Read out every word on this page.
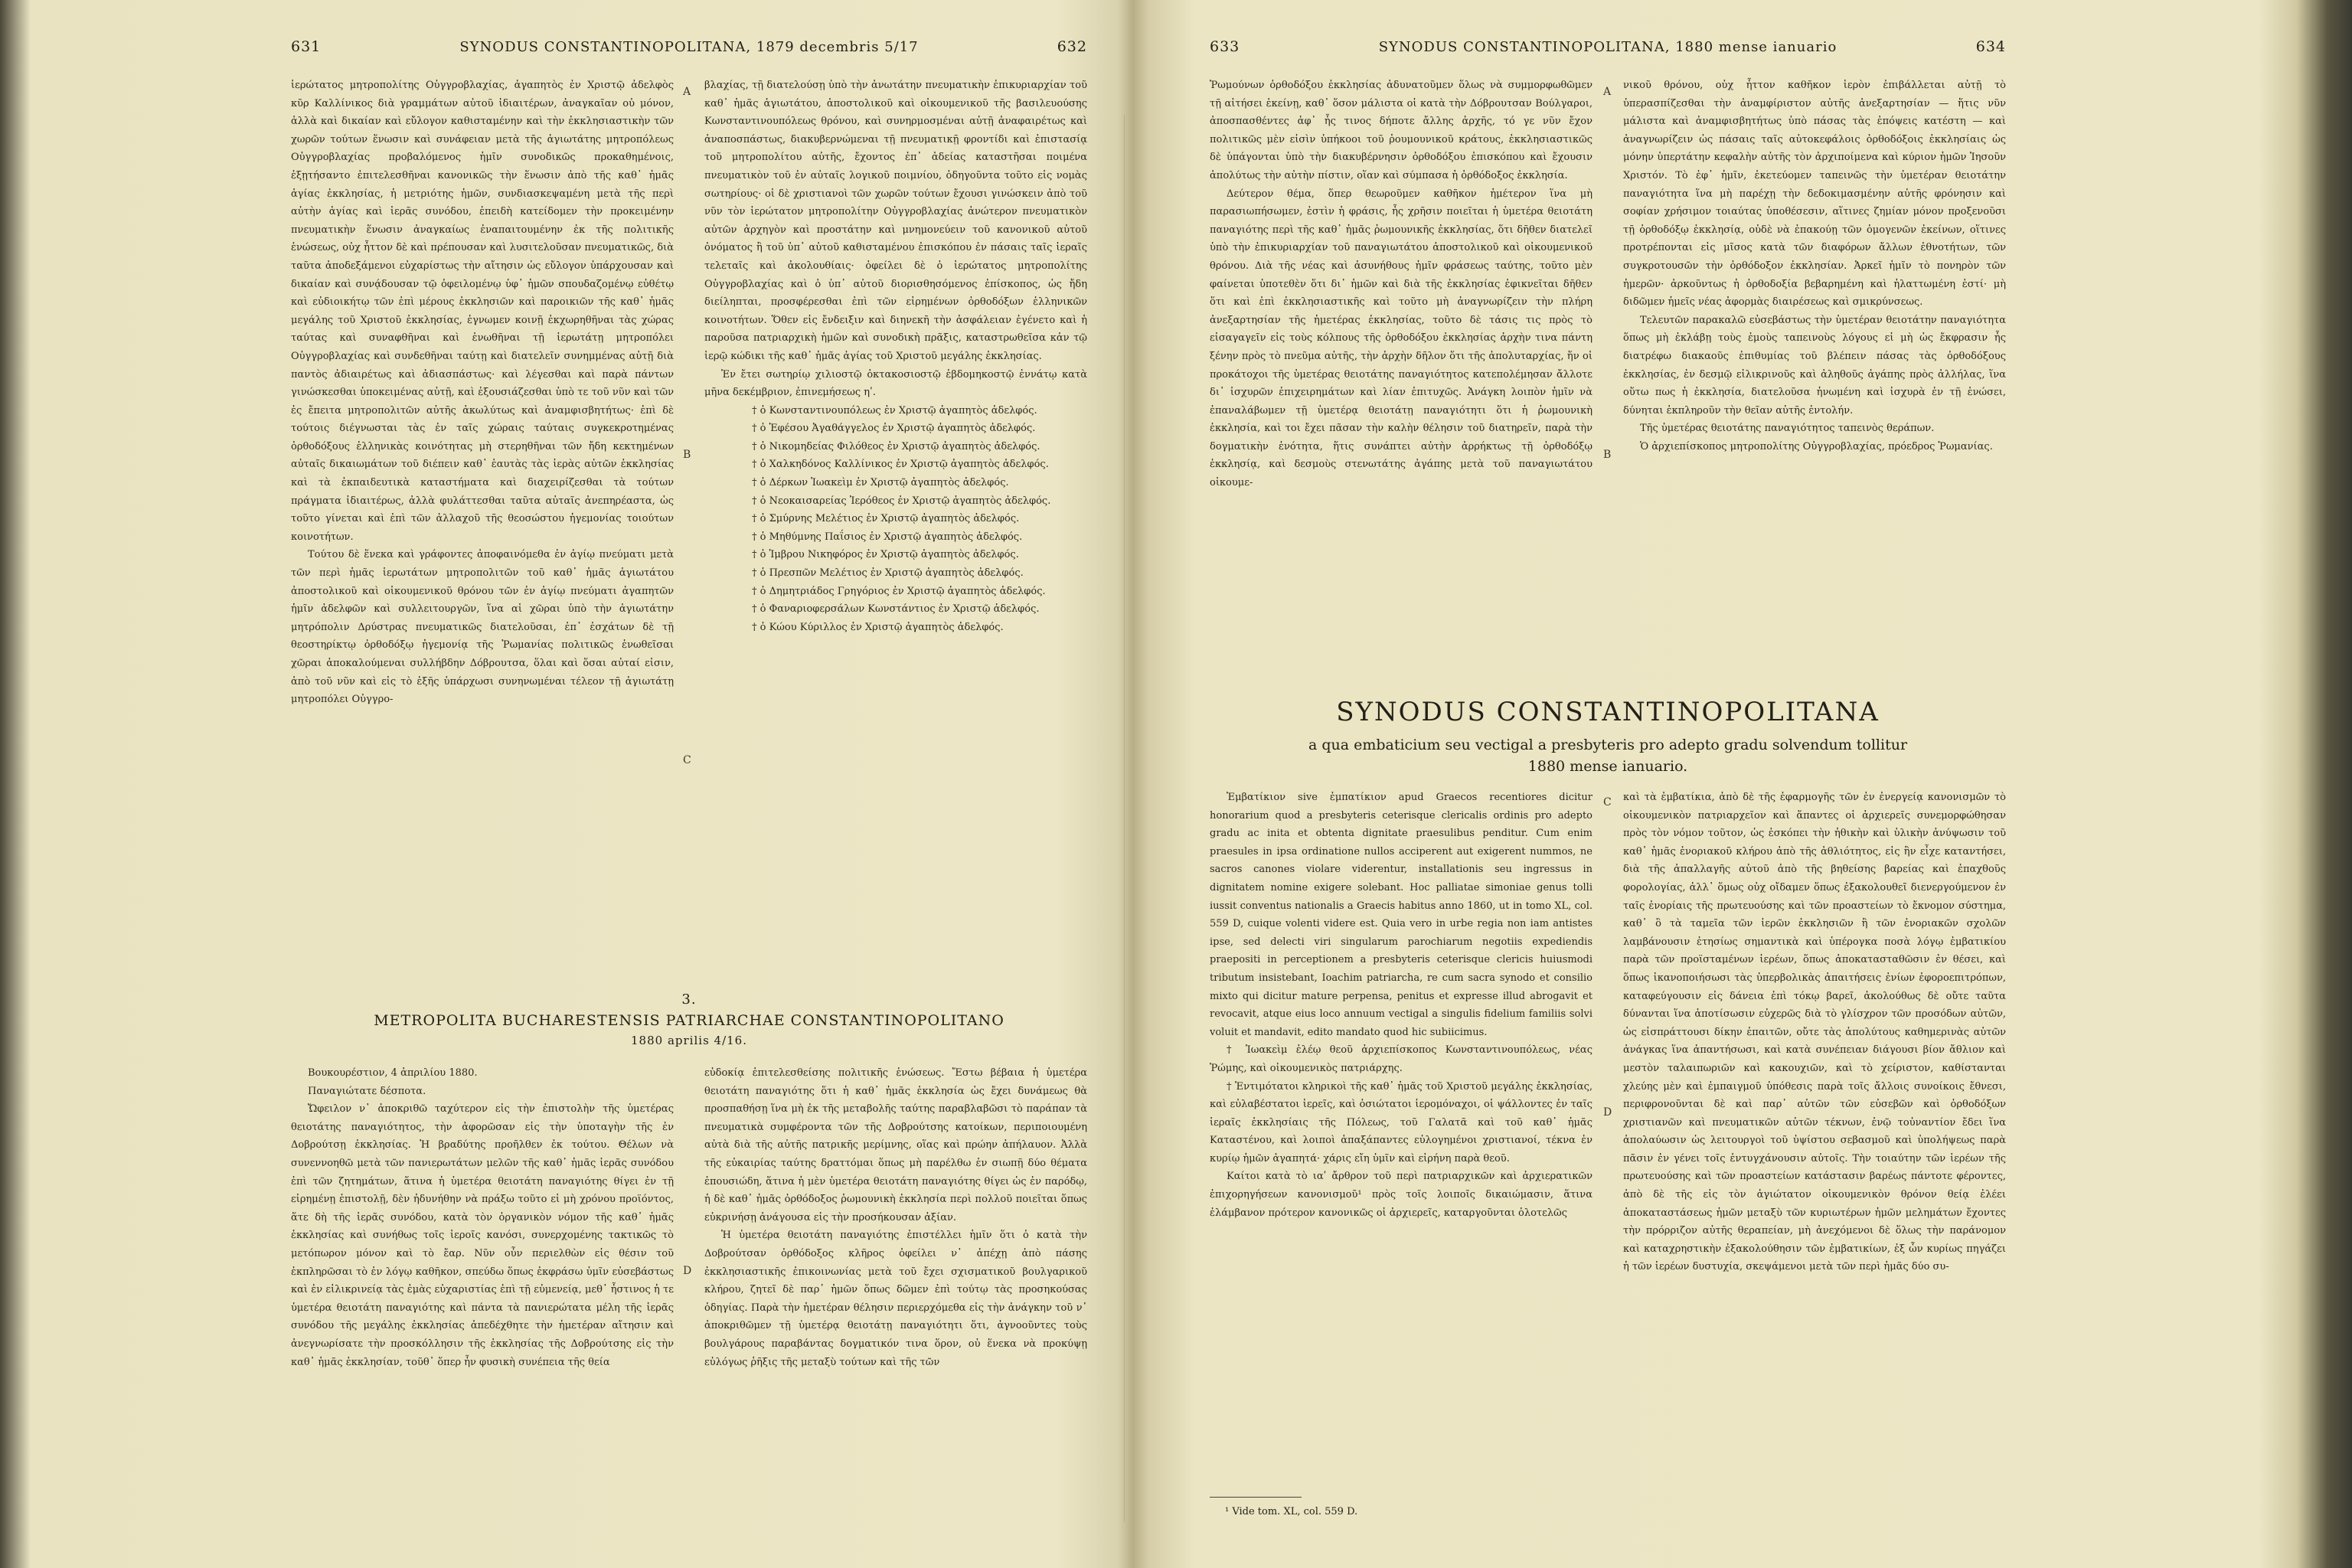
631	SYNODUS CONSTANTINOPOLITANA, 1879 decembris 5/17	632

ἱερώτατος μητροπολίτης Οὐγγροβλαχίας, ἀγαπητὸς ἐν Χριστῷ ἀδελφὸς κῦρ Καλλίνικος διὰ γραμμάτων αὐτοῦ ἰδιαιτέρων, ἀναγκαῖαν οὐ μόνον, ἀλλὰ καὶ δικαίαν καὶ εὔλογον καθισταμένην καὶ τὴν ἐκκλησιαστικὴν τῶν χωρῶν τούτων ἕνωσιν καὶ συνάφειαν μετὰ τῆς ἁγιωτάτης μητροπόλεως Οὐγγροβλαχίας προβαλόμενος ἡμῖν συνοδικῶς προκαθημένοις, ἐξῃτήσαντο ἐπιτελεσθῆναι κανονικῶς τὴν ἕνωσιν ἀπὸ τῆς καθ᾽ ἡμᾶς ἁγίας ἐκκλησίας, ἡ μετριότης ἡμῶν, συνδιασκεψαμένη μετὰ τῆς περὶ αὐτὴν ἁγίας καὶ ἱερᾶς συνόδου, ἐπειδὴ κατείδομεν τὴν προκειμένην πνευματικὴν ἕνωσιν ἀναγκαίως ἐναπαιτουμένην ἐκ τῆς πολιτικῆς ἑνώσεως, οὐχ ἧττον δὲ καὶ πρέπουσαν καὶ λυσιτελοῦσαν πνευματικῶς, διὰ ταῦτα ἀποδεξάμενοι εὐχαρίστως τὴν αἴτησιν ὡς εὔλογον ὑπάρχουσαν καὶ δικαίαν καὶ συνᾴδουσαν τῷ ὀφειλομένῳ ὑφ᾽ ἡμῶν σπουδαζομένῳ εὐθέτῳ καὶ εὐδιοικήτῳ τῶν ἐπὶ μέρους ἐκκλησιῶν καὶ παροικιῶν τῆς καθ᾽ ἡμᾶς μεγάλης τοῦ Χριστοῦ ἐκκλησίας, ἐγνωμεν κοινῇ ἐκχωρηθῆναι τὰς χώρας ταύτας καὶ συναφθῆναι καὶ ἑνωθῆναι τῇ ἱερωτάτῃ μητροπόλει Οὐγγροβλαχίας καὶ συνδεθῆναι ταύτῃ καὶ διατελεῖν συνημμένας αὐτῇ διὰ παντὸς ἀδιαιρέτως καὶ ἀδιασπάστως· καὶ λέγεσθαι καὶ παρὰ πάντων γινώσκεσθαι ὑποκειμένας αὐτῇ, καὶ ἐξουσιάζεσθαι ὑπὸ τε τοῦ νῦν καὶ τῶν ἐς ἔπειτα μητροπολιτῶν αὐτῆς ἀκωλύτως καὶ ἀναμφισβητήτως· ἐπὶ δὲ τούτοις διέγνωσται τὰς ἐν ταῖς χώραις ταύταις συγκεκροτημένας ὀρθοδόξους ἑλληνικὰς κοινότητας μὴ στερηθῆναι τῶν ἤδη κεκτημένων αὐταῖς δικαιωμάτων τοῦ διέπειν καθ᾽ ἑαυτὰς τὰς ἱερὰς αὐτῶν ἐκκλησίας καὶ τὰ ἐκπαιδευτικὰ καταστήματα καὶ διαχειρίζεσθαι τὰ τούτων πράγματα ἰδιαιτέρως, ἀλλὰ φυλάττεσθαι ταῦτα αὐταῖς ἀνεπηρέαστα, ὡς τοῦτο γίνεται καὶ ἐπὶ τῶν ἀλλαχοῦ τῆς θεοσώστου ἡγεμονίας τοιούτων κοινοτήτων.

Τούτου δὲ ἕνεκα καὶ γράφοντες ἀποφαινόμεθα ἐν ἁγίῳ πνεύματι μετὰ τῶν περὶ ἡμᾶς ἱερωτάτων μητροπολιτῶν τοῦ καθ᾽ ἡμᾶς ἁγιωτάτου ἀποστολικοῦ καὶ οἰκουμενικοῦ θρόνου τῶν ἐν ἁγίῳ πνεύματι ἀγαπητῶν ἡμῖν ἀδελφῶν καὶ συλλειτουργῶν, ἵνα αἱ χῶραι ὑπὸ τὴν ἁγιωτάτην μητρόπολιν Δρύστρας πνευματικῶς διατελοῦσαι, ἐπ᾽ ἐσχάτων δὲ τῇ θεοστηρίκτῳ ὀρθοδόξῳ ἡγεμονίᾳ τῆς Ῥωμανίας πολιτικῶς ἑνωθεῖσαι χῶραι ἀποκαλούμεναι συλλήβδην Δόβρουτσα, ὅλαι καὶ ὅσαι αὐταί εἰσιν, ἀπὸ τοῦ νῦν καὶ εἰς τὸ ἑξῆς ὑπάρχωσι συνηνωμέναι τέλεον τῇ ἁγιωτάτῃ μητροπόλει Οὐγγρο-

βλαχίας, τῇ διατελούσῃ ὑπὸ τὴν ἀνωτάτην πνευματικὴν ἐπικυριαρχίαν τοῦ καθ᾽ ἡμᾶς ἁγιωτάτου, ἀποστολικοῦ καὶ οἰκουμενικοῦ τῆς βασιλευούσης Κωνσταντινουπόλεως θρόνου, καὶ συνηρμοσμέναι αὐτῇ ἀναφαιρέτως καὶ ἀναποσπάστως, διακυβερνώμεναι τῇ πνευματικῇ φροντίδι καὶ ἐπιστασίᾳ τοῦ μητροπολίτου αὐτῆς, ἔχοντος ἐπ᾽ ἀδείας καταστῆσαι ποιμένα πνευματικὸν τοῦ ἐν αὐταῖς λογικοῦ ποιμνίου, ὁδηγοῦντα τοῦτο εἰς νομὰς σωτηρίους· οἱ δὲ χριστιανοὶ τῶν χωρῶν τούτων ἔχουσι γινώσκειν ἀπὸ τοῦ νῦν τὸν ἱερώτατον μητροπολίτην Οὐγγροβλαχίας ἀνώτερον πνευματικὸν αὐτῶν ἀρχηγὸν καὶ προστάτην καὶ μνημονεύειν τοῦ κανονικοῦ αὐτοῦ ὀνόματος ἢ τοῦ ὑπ᾽ αὐτοῦ καθισταμένου ἐπισκόπου ἐν πάσαις ταῖς ἱεραῖς τελεταῖς καὶ ἀκολουθίαις· ὀφείλει δὲ ὁ ἱερώτατος μητροπολίτης Οὐγγροβλαχίας καὶ ὁ ὑπ᾽ αὐτοῦ διορισθησόμενος ἐπίσκοπος, ὡς ἤδη διείληπται, προσφέρεσθαι ἐπὶ τῶν εἰρημένων ὀρθοδόξων ἑλληνικῶν κοινοτήτων. Ὅθεν εἰς ἔνδειξιν καὶ διηνεκῆ τὴν ἀσφάλειαν ἐγένετο καὶ ἡ παροῦσα πατριαρχικὴ ἡμῶν καὶ συνοδικὴ πρᾶξις, καταστρωθεῖσα κἀν τῷ ἱερῷ κώδικι τῆς καθ᾽ ἡμᾶς ἁγίας τοῦ Χριστοῦ μεγάλης ἐκκλησίας.

Ἐν ἔτει σωτηρίῳ χιλιοστῷ ὀκτακοσιοστῷ ἑβδομηκοστῷ ἐννάτῳ κατὰ μῆνα δεκέμβριον, ἐπινεμήσεως ηʹ.

† ὁ Κωνσταντινουπόλεως ἐν Χριστῷ ἀγαπητὸς ἀδελφός.

† ὁ Ἐφέσου Ἀγαθάγγελος ἐν Χριστῷ ἀγαπητὸς ἀδελφός.

† ὁ Νικομηδείας Φιλόθεος ἐν Χριστῷ ἀγαπητὸς ἀδελφός.

† ὁ Χαλκηδόνος Καλλίνικος ἐν Χριστῷ ἀγαπητὸς ἀδελφός.

† ὁ Δέρκων Ἰωακεὶμ ἐν Χριστῷ ἀγαπητὸς ἀδελφός.

† ὁ Νεοκαισαρείας Ἱερόθεος ἐν Χριστῷ ἀγαπητὸς ἀδελφός.

† ὁ Σμύρνης Μελέτιος ἐν Χριστῷ ἀγαπητὸς ἀδελφός.

† ὁ Μηθύμνης Παΐσιος ἐν Χριστῷ ἀγαπητὸς ἀδελφός.

† ὁ Ἰμβρου Νικηφόρος ἐν Χριστῷ ἀγαπητὸς ἀδελφός.

† ὁ Πρεσπῶν Μελέτιος ἐν Χριστῷ ἀγαπητὸς ἀδελφός.

† ὁ Δημητριάδος Γρηγόριος ἐν Χριστῷ ἀγαπητὸς ἀδελφός.

† ὁ Φαναριοφερσάλων Κωνστάντιος ἐν Χριστῷ ἀδελφός.

† ὁ Κώου Κύριλλος ἐν Χριστῷ ἀγαπητὸς ἀδελφός.

3.
METROPOLITA BUCHARESTENSIS PATRIARCHAE CONSTANTINOPOLITANO
1880 aprilis 4/16.

Βουκουρέστιον, 4 ἀπριλίου 1880.

Παναγιώτατε δέσποτα.

Ὤφειλον ν᾽ ἀποκριθῶ ταχύτερον εἰς τὴν ἐπιστολὴν τῆς ὑμετέρας θειοτάτης παναγιότητος, τὴν ἀφορῶσαν εἰς τὴν ὑποταγὴν τῆς ἐν Δοβρούτσῃ ἐκκλησίας. Ἡ βραδύτης προῆλθεν ἐκ τούτου. Θέλων νὰ συνεννοηθῶ μετὰ τῶν πανιερωτάτων μελῶν τῆς καθ᾽ ἡμᾶς ἱερᾶς συνόδου ἐπὶ τῶν ζητημάτων, ἅτινα ἡ ὑμετέρα θειοτάτη παναγιότης θίγει ἐν τῇ εἰρημένῃ ἐπιστολῇ, δὲν ἠδυνήθην νὰ πράξω τοῦτο εἰ μὴ χρόνου προϊόντος, ἅτε δὴ τῆς ἱερᾶς συνόδου, κατὰ τὸν ὀργανικὸν νόμον τῆς καθ᾽ ἡμᾶς ἐκκλησίας καὶ συνήθως τοῖς ἱεροῖς κανόσι, συνερχομένης τακτικῶς τὸ μετόπωρον μόνον καὶ τὸ ἔαρ. Νῦν οὖν περιελθὼν εἰς θέσιν τοῦ ἐκπληρῶσαι τὸ ἐν λόγῳ καθῆκον, σπεύδω ὅπως ἐκφράσω ὑμῖν εὐσεβάστως καὶ ἐν εἰλικρινείᾳ τὰς ἐμὰς εὐχαριστίας ἐπὶ τῇ εὐμενείᾳ, μεθ᾽ ἧστινος ἡ τε ὑμετέρα θειοτάτη παναγιότης καὶ πάντα τὰ πανιερώτατα μέλη τῆς ἱερᾶς συνόδου τῆς μεγάλης ἐκκλησίας ἀπεδέχθητε τὴν ἡμετέραν αἴτησιν καὶ ἀνεγνωρίσατε τὴν προσκόλλησιν τῆς ἐκκλησίας τῆς Δοβρούτσης εἰς τὴν καθ᾽ ἡμᾶς ἐκκλησίαν, τοῦθ᾽ ὅπερ ἦν φυσικὴ συνέπεια τῆς θεία

εὐδοκίᾳ ἐπιτελεσθείσης πολιτικῆς ἑνώσεως. Ἔστω βέβαια ἡ ὑμετέρα θειοτάτη παναγιότης ὅτι ἡ καθ᾽ ἡμᾶς ἐκκλησία ὡς ἔχει δυνάμεως θὰ προσπαθήσῃ ἵνα μὴ ἐκ τῆς μεταβολῆς ταύτης παραβλαβῶσι τὸ παράπαν τὰ πνευματικὰ συμφέροντα τῶν τῆς Δοβρούτσης κατοίκων, περιποιουμένη αὐτὰ διὰ τῆς αὐτῆς πατρικῆς μερίμνης, οἵας καὶ πρώην ἀπήλαυον. Ἀλλὰ τῆς εὐκαιρίας ταύτης δραττόμαι ὅπως μὴ παρέλθω ἐν σιωπῇ δύο θέματα ἐπουσιώδη, ἅτινα ἡ μὲν ὑμετέρα θειοτάτη παναγιότης θίγει ὡς ἐν παρόδῳ, ἡ δὲ καθ᾽ ἡμᾶς ὀρθόδοξος ῥωμουνικὴ ἐκκλησία περὶ πολλοῦ ποιεῖται ὅπως εὐκρινήσῃ ἀνάγουσα εἰς τὴν προσήκουσαν ἀξίαν.

Ἡ ὑμετέρα θειοτάτη παναγιότης ἐπιστέλλει ἡμῖν ὅτι ὁ κατὰ τὴν Δοβρούτσαν ὀρθόδοξος κλῆρος ὀφείλει ν᾽ ἀπέχῃ ἀπὸ πάσης ἐκκλησιαστικῆς ἐπικοινωνίας μετὰ τοῦ ἔχει σχισματικοῦ βουλγαρικοῦ κλήρου, ζητεῖ δὲ παρ᾽ ἡμῶν ὅπως δῶμεν ἐπὶ τούτῳ τὰς προσηκούσας ὁδηγίας. Παρὰ τὴν ἡμετέραν θέλησιν περιερχόμεθα εἰς τὴν ἀνάγκην τοῦ ν᾽ ἀποκριθῶμεν τῇ ὑμετέρᾳ θειοτάτῃ παναγιότητι ὅτι, ἀγνοοῦντες τοὺς βουλγάρους παραβάντας δογματικόν τινα ὅρον, οὐ ἕνεκα νὰ προκύψῃ εὐλόγως ῥῆξις τῆς μεταξὺ τούτων καὶ τῆς τῶν

A
B
C
D
633	SYNODUS CONSTANTINOPOLITANA, 1880 mense ianuario	634

Ῥωμούνων ὀρθοδόξου ἐκκλησίας ἀδυνατοῦμεν ὅλως νὰ συμμορφωθῶμεν τῇ αἰτήσει ἐκείνῃ, καθ᾽ ὅσον μάλιστα οἱ κατὰ τὴν Δόβρουτσαν Βούλγαροι, ἀποσπασθέντες ἀφ᾽ ἧς τινος δήποτε ἄλλης ἀρχῆς, τό γε νῦν ἔχον πολιτικῶς μὲν εἰσὶν ὑπήκοοι τοῦ ῥουμουνικοῦ κράτους, ἐκκλησιαστικῶς δὲ ὑπάγονται ὑπὸ τὴν διακυβέρνησιν ὀρθοδόξου ἐπισκόπου καὶ ἔχουσιν ἀπολύτως τὴν αὐτὴν πίστιν, οἵαν καὶ σύμπασα ἡ ὀρθόδοξος ἐκκλησία.

Δεύτερον θέμα, ὅπερ θεωροῦμεν καθῆκον ἡμέτερον ἵνα μὴ παρασιωπήσωμεν, ἐστὶν ἡ φράσις, ἧς χρῆσιν ποιεῖται ἡ ὑμετέρα θειοτάτη παναγιότης περὶ τῆς καθ᾽ ἡμᾶς ῥωμουνικῆς ἐκκλησίας, ὅτι δῆθεν διατελεῖ ὑπὸ τὴν ἐπικυριαρχίαν τοῦ παναγιωτάτου ἀποστολικοῦ καὶ οἰκουμενικοῦ θρόνου. Διὰ τῆς νέας καὶ ἀσυνήθους ἡμῖν φράσεως ταύτης, τοῦτο μὲν φαίνεται ὑποτεθὲν ὅτι δι᾽ ἡμῶν καὶ διὰ τῆς ἐκκλησίας ἐφικνεῖται δῆθεν ὅτι καὶ ἐπὶ ἐκκλησιαστικῆς καὶ τοῦτο μὴ ἀναγνωρίζειν τὴν πλήρη ἀνεξαρτησίαν τῆς ἡμετέρας ἐκκλησίας, τοῦτο δὲ τάσις τις πρὸς τὸ εἰσαγαγεῖν εἰς τοὺς κόλπους τῆς ὀρθοδόξου ἐκκλησίας ἀρχὴν τινα πάντη ξένην πρὸς τὸ πνεῦμα αὐτῆς, τὴν ἀρχὴν δῆλον ὅτι τῆς ἀπολυταρχίας, ἥν οἱ προκάτοχοι τῆς ὑμετέρας θειοτάτης παναγιότητος κατεπολέμησαν ἄλλοτε δι᾽ ἰσχυρῶν ἐπιχειρημάτων καὶ λίαν ἐπιτυχῶς. Ἀνάγκη λοιπὸν ἡμῖν νὰ ἐπαναλάβωμεν τῇ ὑμετέρᾳ θειοτάτῃ παναγιότητι ὅτι ἡ ῥωμουνικὴ ἐκκλησία, καὶ τοι ἔχει πᾶσαν τὴν καλὴν θέλησιν τοῦ διατηρεῖν, παρὰ τὴν δογματικὴν ἑνότητα, ἥτις συνάπτει αὐτὴν ἀρρήκτως τῇ ὀρθοδόξῳ ἐκκλησίᾳ, καὶ δεσμοὺς στενωτάτης ἀγάπης μετὰ τοῦ παναγιωτάτου οἰκουμε-

νικοῦ θρόνου, οὐχ ἧττον καθῆκον ἱερὸν ἐπιβάλλεται αὐτῇ τὸ ὑπερασπίζεσθαι τὴν ἀναμφίριστον αὐτῆς ἀνεξαρτησίαν — ἥτις νῦν μάλιστα καὶ ἀναμφισβητήτως ὑπὸ πάσας τὰς ἐπόψεις κατέστη — καὶ ἀναγνωρίζειν ὡς πάσαις ταῖς αὐτοκεφάλοις ὀρθοδόξοις ἐκκλησίαις ὡς μόνην ὑπερτάτην κεφαλὴν αὐτῆς τὸν ἀρχιποίμενα καὶ κύριον ἡμῶν Ἰησοῦν Χριστόν. Τὸ ἐφ᾽ ἡμῖν, ἐκετεύομεν ταπεινῶς τὴν ὑμετέραν θειοτάτην παναγιότητα ἵνα μὴ παρέχῃ τὴν δεδοκιμασμένην αὐτῆς φρόνησιν καὶ σοφίαν χρήσιμον τοιαύτας ὑποθέσεσιν, αἵτινες ζημίαν μόνον προξενοῦσι τῇ ὀρθοδόξῳ ἐκκλησίᾳ, οὐδὲ νὰ ἐπακούῃ τῶν ὁμογενῶν ἐκείνων, οἵτινες προτρέπονται εἰς μῖσος κατὰ τῶν διαφόρων ἄλλων ἐθνοτήτων, τῶν συγκροτουσῶν τὴν ὀρθόδοξον ἐκκλησίαν. Ἀρκεῖ ἡμῖν τὸ πονηρὸν τῶν ἡμερῶν· ἀρκοῦντως ἡ ὀρθοδοξία βεβαρημένη καὶ ἠλαττωμένη ἐστί· μὴ διδῶμεν ἡμεῖς νέας ἀφορμὰς διαιρέσεως καὶ σμικρύνσεως.

Τελευτῶν παρακαλῶ εὐσεβάστως τὴν ὑμετέραν θειοτάτην παναγιότητα ὅπως μὴ ἐκλάβῃ τοὺς ἐμοὺς ταπεινοὺς λόγους εἰ μὴ ὡς ἔκφρασιν ἧς διατρέφω διακαοῦς ἐπιθυμίας τοῦ βλέπειν πάσας τὰς ὀρθοδόξους ἐκκλησίας, ἐν δεσμῷ εἰλικρινοῦς καὶ ἀληθοῦς ἀγάπης πρὸς ἀλλήλας, ἵνα οὕτω πως ἡ ἐκκλησία, διατελοῦσα ἡνωμένη καὶ ἰσχυρὰ ἐν τῇ ἑνώσει, δύνηται ἐκπληροῦν τὴν θεῖαν αὐτῆς ἐντολήν.

Τῆς ὑμετέρας θειοτάτης παναγιότητος ταπεινὸς θεράπων.

Ὁ ἀρχιεπίσκοπος μητροπολίτης Οὐγγροβλαχίας, πρόεδρος Ῥωμανίας.

SYNODUS CONSTANTINOPOLITANA
a qua embaticium seu vectigal a presbyteris pro adepto gradu solvendum tollitur
1880 mense ianuario.

Ἐμβατίκιον sive ἐμπατίκιον apud Graecos recentiores dicitur honorarium quod a presbyteris ceterisque clericalis ordinis pro adepto gradu ac inita et obtenta dignitate praesulibus penditur. Cum enim praesules in ipsa ordinatione nullos acciperent aut exigerent nummos, ne sacros canones violare viderentur, installationis seu ingressus in dignitatem nomine exigere solebant. Hoc palliatae simoniae genus tolli iussit conventus nationalis a Graecis habitus anno 1860, ut in tomo XL, col. 559 D, cuique volenti videre est. Quia vero in urbe regia non iam antistes ipse, sed delecti viri singularum parochiarum negotiis expediendis praepositi in perceptionem a presbyteris ceterisque clericis huiusmodi tributum insistebant, Ioachim patriarcha, re cum sacra synodo et consilio mixto qui dicitur mature perpensa, penitus et expresse illud abrogavit et revocavit, atque eius loco annuum vectigal a singulis fidelium familiis solvi voluit et mandavit, edito mandato quod hic subiicimus.

† Ἰωακεὶμ ἐλέῳ θεοῦ ἀρχιεπίσκοπος Κωνσταντινουπόλεως, νέας Ῥώμης, καὶ οἰκουμενικὸς πατριάρχης.

† Ἐντιμότατοι κληρικοὶ τῆς καθ᾽ ἡμᾶς τοῦ Χριστοῦ μεγάλης ἐκκλησίας, καὶ εὐλαβέστατοι ἱερεῖς, καὶ ὁσιώτατοι ἱερομόναχοι, οἱ ψάλλοντες ἐν ταῖς ἱεραῖς ἐκκλησίαις τῆς Πόλεως, τοῦ Γαλατᾶ καὶ τοῦ καθ᾽ ἡμᾶς Καταστένου, καὶ λοιποὶ ἁπαξάπαντες εὐλογημένοι χριστιανοί, τέκνα ἐν κυρίῳ ἡμῶν ἀγαπητά· χάρις εἴη ὑμῖν καὶ εἰρήνη παρὰ θεοῦ.

Καίτοι κατὰ τὸ ιαʹ ἄρθρον τοῦ περὶ πατριαρχικῶν καὶ ἀρχιερατικῶν ἐπιχορηγήσεων κανονισμοῦ¹ πρὸς τοῖς λοιποῖς δικαιώμασιν, ἅτινα ἐλάμβανον πρότερον κανονικῶς οἱ ἀρχιερεῖς, καταργοῦνται ὁλοτελῶς

καὶ τὰ ἐμβατίκια, ἀπὸ δὲ τῆς ἐφαρμογῆς τῶν ἐν ἐνεργείᾳ κανονισμῶν τὸ οἰκουμενικὸν πατριαρχεῖον καὶ ἅπαντες οἱ ἀρχιερεῖς συνεμορφώθησαν πρὸς τὸν νόμον τοῦτον, ὡς ἐσκόπει τὴν ἠθικὴν καὶ ὑλικὴν ἀνύψωσιν τοῦ καθ᾽ ἡμᾶς ἐνοριακοῦ κλήρου ἀπὸ τῆς ἀθλιότητος, εἰς ἣν εἶχε καταντήσει, διὰ τῆς ἀπαλλαγῆς αὐτοῦ ἀπὸ τῆς βηθείσης βαρείας καὶ ἐπαχθοῦς φορολογίας, ἀλλ᾽ ὅμως οὐχ οἴδαμεν ὅπως ἐξακολουθεῖ διενεργούμενον ἐν ταῖς ἐνορίαις τῆς πρωτευούσης καὶ τῶν προαστείων τὸ ἔκνομον σύστημα, καθ᾽ ὃ τὰ ταμεῖα τῶν ἱερῶν ἐκκλησιῶν ἢ τῶν ἐνοριακῶν σχολῶν λαμβάνουσιν ἐτησίως σημαντικὰ καὶ ὑπέρογκα ποσὰ λόγῳ ἐμβατικίου παρὰ τῶν προϊσταμένων ἱερέων, ὅπως ἀποκατασταθῶσιν ἐν θέσει, καὶ ὅπως ἱκανοποιήσωσι τὰς ὑπερβολικὰς ἀπαιτήσεις ἐνίων ἐφοροεπιτρόπων, καταφεύγουσιν εἰς δάνεια ἐπὶ τόκῳ βαρεῖ, ἀκολούθως δὲ οὔτε ταῦτα δύνανται ἵνα ἀποτίσωσιν εὐχερῶς διὰ τὸ γλίσχρον τῶν προσόδων αὐτῶν, ὡς εἰσπράττουσι δίκην ἐπαιτῶν, οὔτε τὰς ἀπολύτους καθημερινὰς αὐτῶν ἀνάγκας ἵνα ἀπαντήσωσι, καὶ κατὰ συνέπειαν διάγουσι βίον ἄθλιον καὶ μεστὸν ταλαιπωριῶν καὶ κακουχιῶν, καὶ τὸ χείριστον, καθίστανται χλεύης μὲν καὶ ἐμπαιγμοῦ ὑπόθεσις παρὰ τοῖς ἄλλοις συνοίκοις ἔθνεσι, περιφρονοῦνται δὲ καὶ παρ᾽ αὐτῶν τῶν εὐσεβῶν καὶ ὀρθοδόξων χριστιανῶν καὶ πνευματικῶν αὐτῶν τέκνων, ἐνῷ τοὐναντίον ἔδει ἵνα ἀπολαύωσιν ὡς λειτουργοὶ τοῦ ὑψίστου σεβασμοῦ καὶ ὑπολήψεως παρὰ πᾶσιν ἐν γένει τοῖς ἐντυγχάνουσιν αὐτοῖς. Τὴν τοιαύτην τῶν ἱερέων τῆς πρωτευούσης καὶ τῶν προαστείων κατάστασιν βαρέως πάντοτε φέροντες, ἀπὸ δὲ τῆς εἰς τὸν ἁγιώτατον οἰκουμενικὸν θρόνον θείᾳ ἐλέει ἀποκαταστάσεως ἡμῶν μεταξὺ τῶν κυριωτέρων ἡμῶν μελημάτων ἔχοντες τὴν πρόρριζον αὐτῆς θεραπείαν, μὴ ἀνεχόμενοι δὲ ὅλως τὴν παράνομον καὶ καταχρηστικὴν ἐξακολούθησιν τῶν ἐμβατικίων, ἐξ ὧν κυρίως πηγάζει ἡ τῶν ἱερέων δυστυχία, σκεψάμενοι μετὰ τῶν περὶ ἡμᾶς δύο συ-

¹ Vide tom. XL, col. 559 D.
A
B
C
D
